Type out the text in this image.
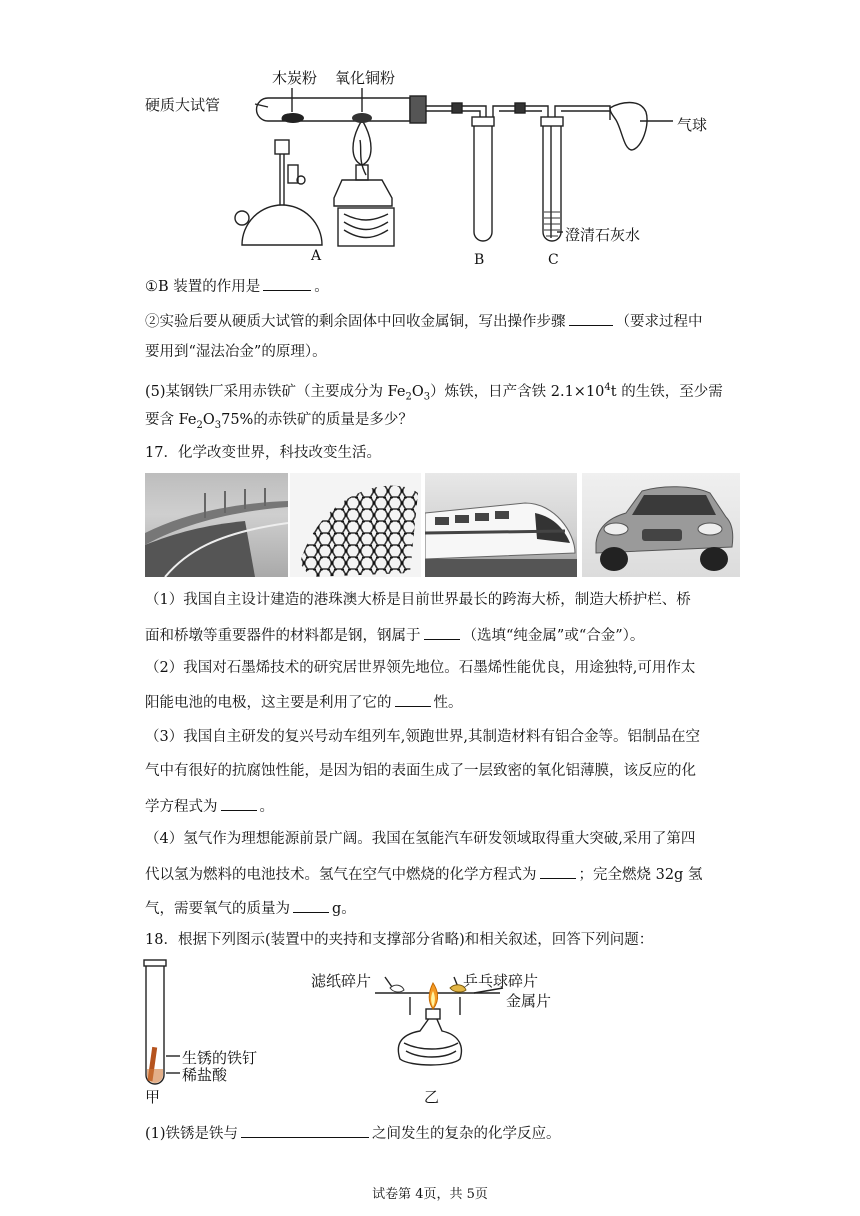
木炭粉 氧化铜粉
硬质大试管
气球
澄清石灰水
A	B	C
①B 装置的作用是	。
②实验后要从硬质大试管的剩余固体中回收金属铜，写出操作步骤	（要求过程中
要用到“湿法冶金”的原理）。
(5)某钢铁厂采用赤铁矿（主要成分为 $Fe_2O_3$）炼铁，日产含铁 $2.1\times 10^4t$ 的生铁，至少需
要含 $Fe_2O_375\%$的赤铁矿的质量是多少？
17．化学改变世界，科技改变生活。
（1）我国自主设计建造的港珠澳大桥是目前世界最长的跨海大桥，制造大桥护栏、桥
面和桥墩等重要器件的材料都是钢，钢属于	（选填“纯金属”或“合金”）。
（2）我国对石墨烯技术的研究居世界领先地位。石墨烯性能优良，用途独特,可用作太
阳能电池的电极，这主要是利用了它的	性。
（3）我国自主研发的复兴号动车组列车,领跑世界,其制造材料有铝合金等。铝制品在空
气中有很好的抗腐蚀性能，是因为铝的表面生成了一层致密的氧化铝薄膜，该反应的化
学方程式为	。
（4）氢气作为理想能源前景广阔。我国在氢能汽车研发领域取得重大突破,采用了第四
代以氢为燃料的电池技术。氢气在空气中燃烧的化学方程式为	；完全燃烧 32g 氢
气，需要氧气的质量为	g。
18．根据下列图示(装置中的夹持和支撑部分省略)和相关叙述，回答下列问题：
滤纸碎片	乒乓球碎片
金属片
生锈的铁钉
稀盐酸
甲	乙
(1)铁锈是铁与	之间发生的复杂的化学反应。
试卷第 4页，共 5页
